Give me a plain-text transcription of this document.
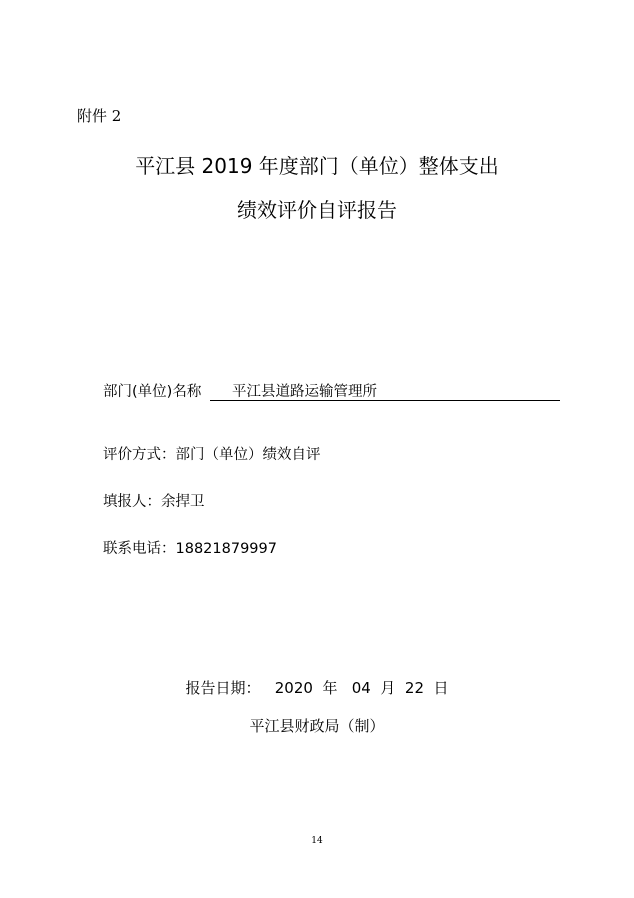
附件 2
平江县 2019 年度部门（单位）整体支出
绩效评价自评报告
部门(单位)名称 平江县道路运输管理所
评价方式：部门（单位）绩效自评
填报人：余捍卫
联系电话：18821879997
报告日期：   2020  年   04  月  22  日
平江县财政局（制）
14
